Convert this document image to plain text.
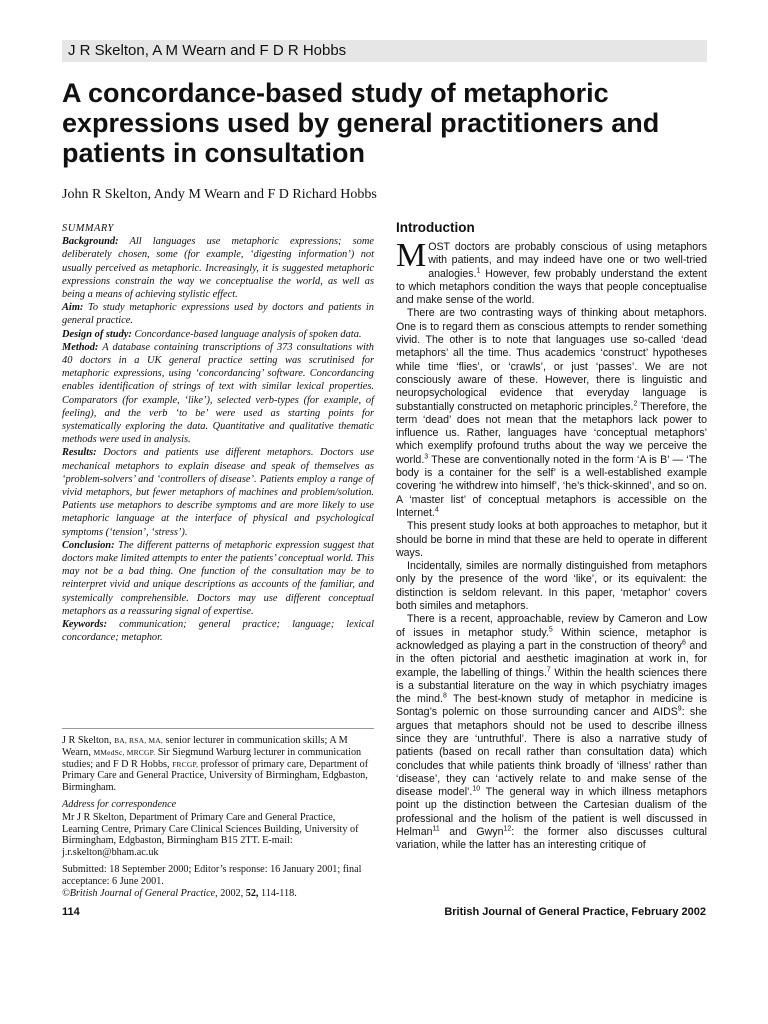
J R Skelton, A M Wearn and F D R Hobbs
A concordance-based study of metaphoric expressions used by general practitioners and patients in consultation
John R Skelton, Andy M Wearn and F D Richard Hobbs

SUMMARY

Background: All languages use metaphoric expressions; some deliberately chosen, some (for example, ‘digesting information’) not usually perceived as metaphoric. Increasingly, it is suggested metaphoric expressions constrain the way we conceptualise the world, as well as being a means of achieving stylistic effect.

Aim: To study metaphoric expressions used by doctors and patients in general practice.

Design of study: Concordance-based language analysis of spoken data.

Method: A database containing transcriptions of 373 consultations with 40 doctors in a UK general practice setting was scrutinised for metaphoric expressions, using ‘concordancing’ software. Concordancing enables identification of strings of text with similar lexical properties. Comparators (for example, ‘like’), selected verb-types (for example, of feeling), and the verb ‘to be’ were used as starting points for systematically exploring the data. Quantitative and qualitative thematic methods were used in analysis.

Results: Doctors and patients use different metaphors. Doctors use mechanical metaphors to explain disease and speak of themselves as ‘problem-solvers’ and ‘controllers of disease’. Patients employ a range of vivid metaphors, but fewer metaphors of machines and problem/solution. Patients use metaphors to describe symptoms and are more likely to use metaphoric language at the interface of physical and psychological symptoms (‘tension’, ‘stress’).

Conclusion: The different patterns of metaphoric expression suggest that doctors make limited attempts to enter the patients’ conceptual world. This may not be a bad thing. One function of the consultation may be to reinterpret vivid and unique descriptions as accounts of the familiar, and systemically comprehensible. Doctors may use different conceptual metaphors as a reassuring signal of expertise.

Keywords: communication; general practice; language; lexical concordance; metaphor.

J R Skelton, BA, RSA, MA, senior lecturer in communication skills; A M Wearn, MMedSc, MRCGP. Sir Siegmund Warburg lecturer in communication studies; and F D R Hobbs, FRCGP, professor of primary care, Department of Primary Care and General Practice, University of Birmingham, Edgbaston, Birmingham.

Address for correspondence

Mr J R Skelton, Department of Primary Care and General Practice, Learning Centre, Primary Care Clinical Sciences Building, University of Birmingham, Edgbaston, Birmingham B15 2TT. E-mail: j.r.skelton@bham.ac.uk

Submitted: 18 September 2000; Editor’s response: 16 January 2001; final acceptance: 6 June 2001.

©British Journal of General Practice, 2002, 52, 114-118.

Introduction

MOST doctors are probably conscious of using metaphors with patients, and may indeed have one or two well-tried analogies.$^1$ However, few probably understand the extent to which metaphors condition the ways that people conceptualise and make sense of the world.

There are two contrasting ways of thinking about metaphors. One is to regard them as conscious attempts to render something vivid. The other is to note that languages use so-called ‘dead metaphors’ all the time. Thus academics ‘construct’ hypotheses while time ‘flies’, or ‘crawls’, or just ‘passes’. We are not consciously aware of these. However, there is linguistic and neuropsychological evidence that everyday language is substantially constructed on metaphoric principles.$^2$ Therefore, the term ‘dead’ does not mean that the metaphors lack power to influence us. Rather, languages have ‘conceptual metaphors’ which exemplify profound truths about the way we perceive the world.$^3$ These are conventionally noted in the form ‘A is B’ — ‘The body is a container for the self’ is a well-established example covering ‘he withdrew into himself’, ‘he’s thick-skinned’, and so on. A ‘master list’ of conceptual metaphors is accessible on the Internet.$^4$

This present study looks at both approaches to metaphor, but it should be borne in mind that these are held to operate in different ways.

Incidentally, similes are normally distinguished from metaphors only by the presence of the word ‘like’, or its equivalent: the distinction is seldom relevant. In this paper, ‘metaphor’ covers both similes and metaphors.

There is a recent, approachable, review by Cameron and Low of issues in metaphor study.$^5$ Within science, metaphor is acknowledged as playing a part in the construction of theory$^6$ and in the often pictorial and aesthetic imagination at work in, for example, the labelling of things.$^7$ Within the health sciences there is a substantial literature on the way in which psychiatry images the mind.$^8$ The best-known study of metaphor in medicine is Sontag’s polemic on those surrounding cancer and AIDS$^9$: she argues that metaphors should not be used to describe illness since they are ‘untruthful’. There is also a narrative study of patients (based on recall rather than consultation data) which concludes that while patients think broadly of ‘illness’ rather than ‘disease’, they can ‘actively relate to and make sense of the disease model’.$^{10}$ The general way in which illness metaphors point up the distinction between the Cartesian dualism of the professional and the holism of the patient is well discussed in Helman$^{11}$ and Gwyn$^{12}$: the former also discusses cultural variation, while the latter has an interesting critique of

114	British Journal of General Practice, February 2002
